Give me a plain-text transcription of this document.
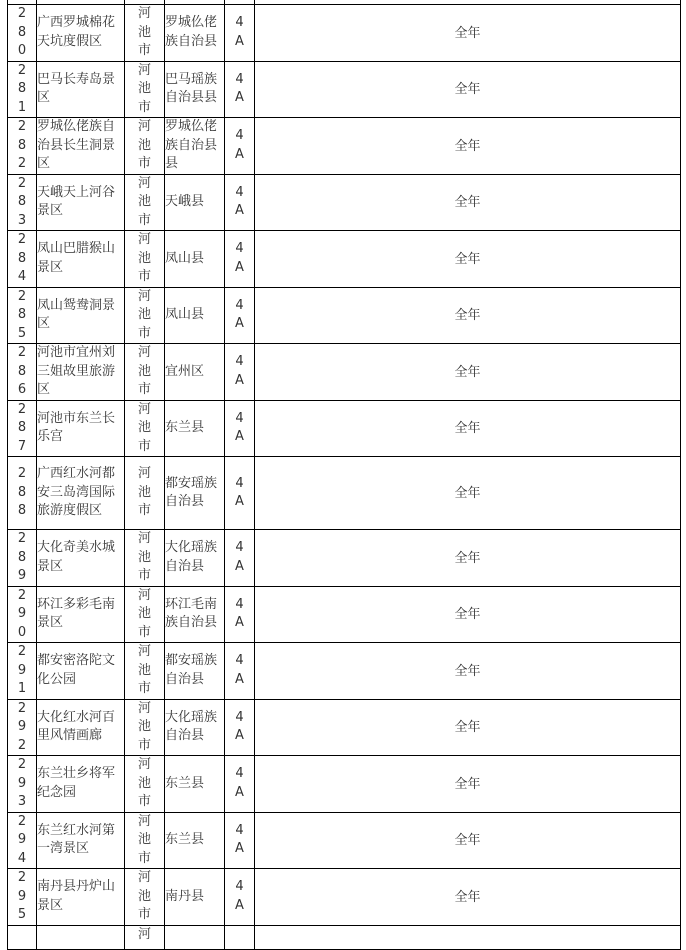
280	广西罗城棉花天坑度假区	河池市	罗城仫佬族自治县	4A	全年
281	巴马长寿岛景区	河池市	巴马瑶族自治县县	4A	全年
282	罗城仫佬族自治县长生洞景区	河池市	罗城仫佬族自治县县	4A	全年
283	天峨天上河谷景区	河池市	天峨县	4A	全年
284	凤山巴腊猴山景区	河池市	凤山县	4A	全年
285	凤山鸳鸯洞景区	河池市	凤山县	4A	全年
286	河池市宜州刘三姐故里旅游区	河池市	宜州区	4A	全年
287	河池市东兰长乐宫	河池市	东兰县	4A	全年
288	广西红水河都安三岛湾国际旅游度假区	河池市	都安瑶族自治县	4A	全年
289	大化奇美水城景区	河池市	大化瑶族自治县	4A	全年
290	环江多彩毛南景区	河池市	环江毛南族自治县	4A	全年
291	都安密洛陀文化公园	河池市	都安瑶族自治县	4A	全年
292	大化红水河百里风情画廊	河池市	大化瑶族自治县	4A	全年
293	东兰壮乡将军纪念园	河池市	东兰县	4A	全年
294	东兰红水河第一湾景区	河池市	东兰县	4A	全年
295	南丹县丹炉山景区	河池市	南丹县	4A	全年
		河			
